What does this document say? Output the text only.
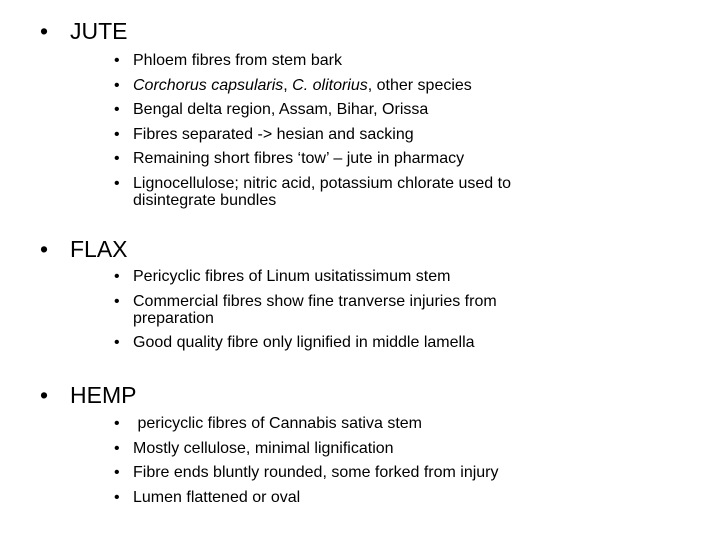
• JUTE
• Phloem fibres from stem bark
• Corchorus capsularis, C. olitorius, other species
• Bengal delta region, Assam, Bihar, Orissa
• Fibres separated -> hesian and sacking
• Remaining short fibres ‘tow’ – jute in pharmacy
• Lignocellulose; nitric acid, potassium chlorate used to
disintegrate bundles
• FLAX
• Pericyclic fibres of Linum usitatissimum stem
• Commercial fibres show fine tranverse injuries from
preparation
• Good quality fibre only lignified in middle lamella
• HEMP
• pericyclic fibres of Cannabis sativa stem
• Mostly cellulose, minimal lignification
• Fibre ends bluntly rounded, some forked from injury
• Lumen flattened or oval
